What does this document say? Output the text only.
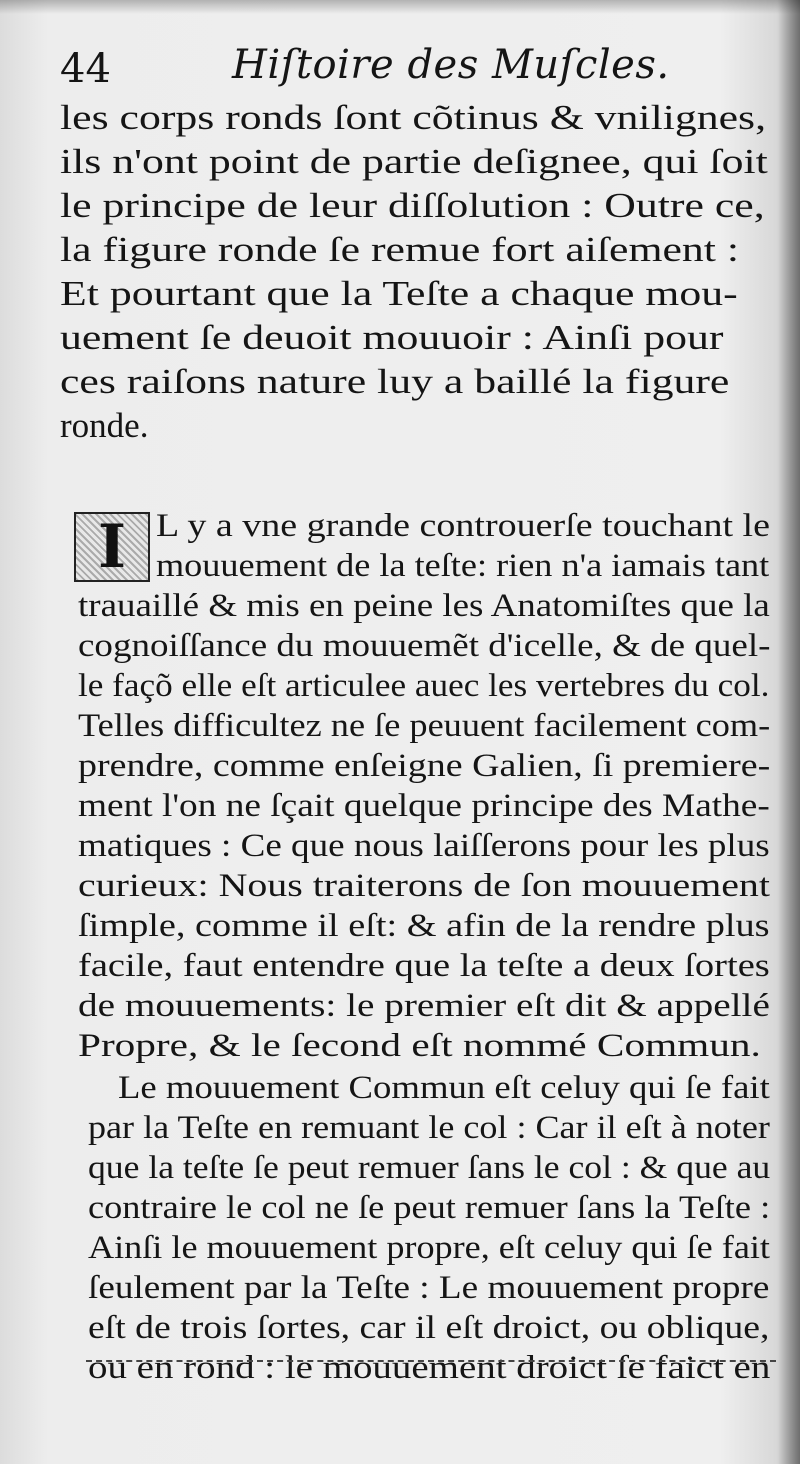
44	Hiſtoire des Muſcles.
les corps ronds ſont cõtinus & vnilignes,
ils n'ont point de partie deſignee, qui ſoit
le principe de leur diſſolution : Outre ce,
la figure ronde ſe remue fort aiſement :
Et pourtant que la Teſte a chaque mou-
uement ſe deuoit mouuoir : Ainſi pour
ces raiſons nature luy a baillé la figure
ronde.
I L y a vne grande controuerſe touchant le
mouuement de la teſte: rien n'a iamais tant
trauaillé & mis en peine les Anatomiſtes que la
cognoiſſance du mouuemẽt d'icelle, & de quel-
le façõ elle eſt articulee auec les vertebres du col.
Telles difficultez ne ſe peuuent facilement com-
prendre, comme enſeigne Galien, ſi premiere-
ment l'on ne ſçait quelque principe des Mathe-
matiques : Ce que nous laiſſerons pour les plus
curieux: Nous traiterons de ſon mouuement
ſimple, comme il eſt: & afin de la rendre plus
facile, faut entendre que la teſte a deux ſortes
de mouuements: le premier eſt dit & appellé
Propre, & le ſecond eſt nommé Commun.
Le mouuement Commun eſt celuy qui ſe fait
par la Teſte en remuant le col : Car il eſt à noter
que la teſte ſe peut remuer ſans le col : & que au
contraire le col ne ſe peut remuer ſans la Teſte :
Ainſi le mouuement propre, eſt celuy qui ſe fait
ſeulement par la Teſte : Le mouuement propre
eſt de trois ſortes, car il eſt droict, ou oblique,
ou en rond : le mouuement droict ſe faict en
